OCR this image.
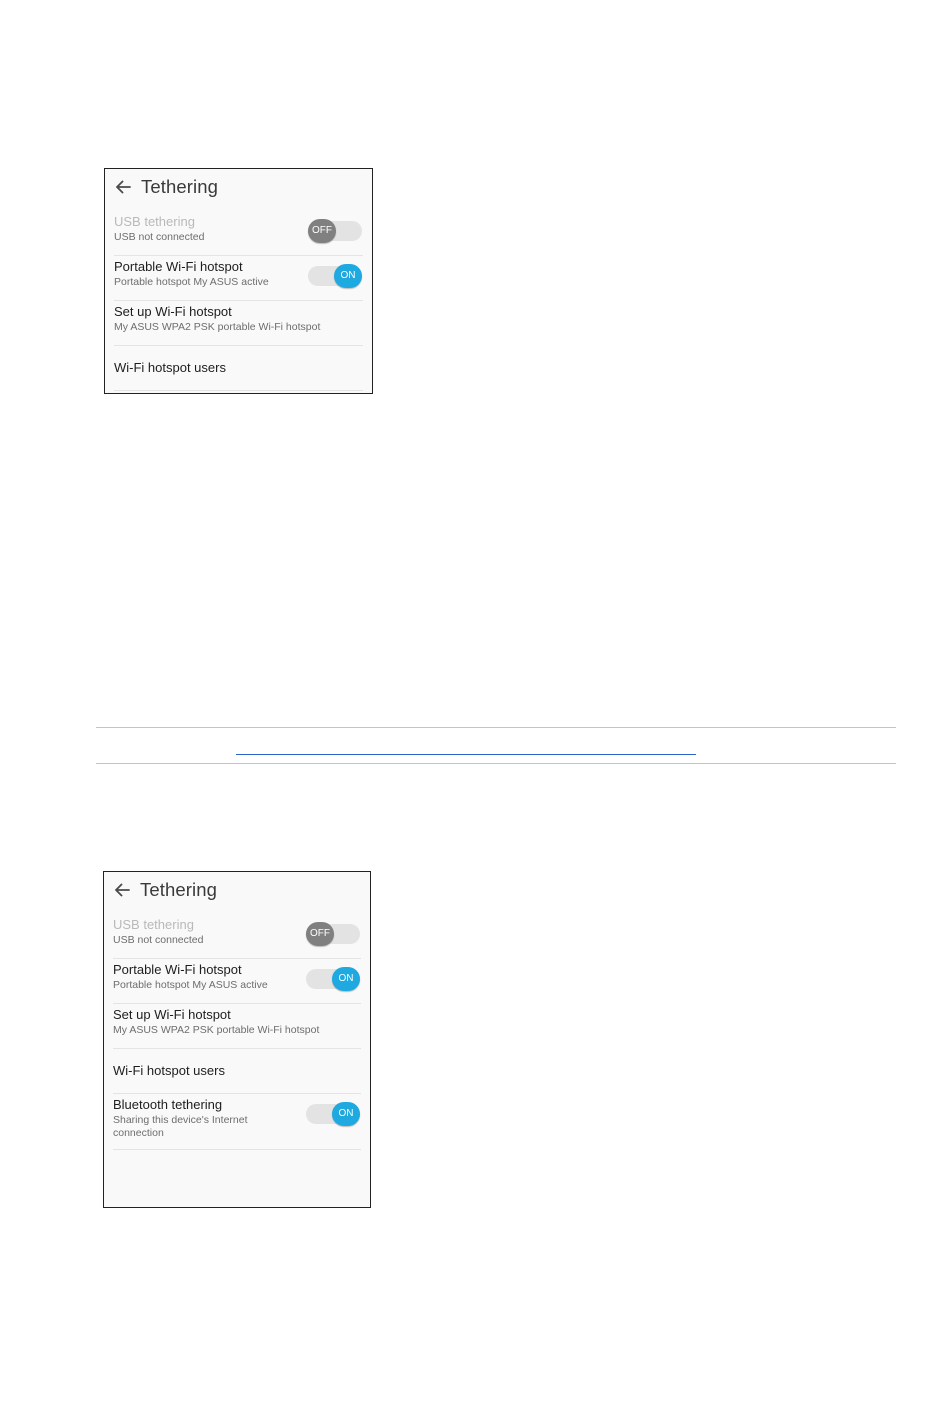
Tethering
USB tethering
USB not connected
OFF
Portable Wi-Fi hotspot
Portable hotspot My ASUS active
ON
Set up Wi-Fi hotspot
My ASUS WPA2 PSK portable Wi-Fi hotspot
Wi-Fi hotspot users
Tethering
USB tethering
USB not connected
OFF
Portable Wi-Fi hotspot
Portable hotspot My ASUS active
ON
Set up Wi-Fi hotspot
My ASUS WPA2 PSK portable Wi-Fi hotspot
Wi-Fi hotspot users
Bluetooth tethering
Sharing this device's Internet connection
ON
